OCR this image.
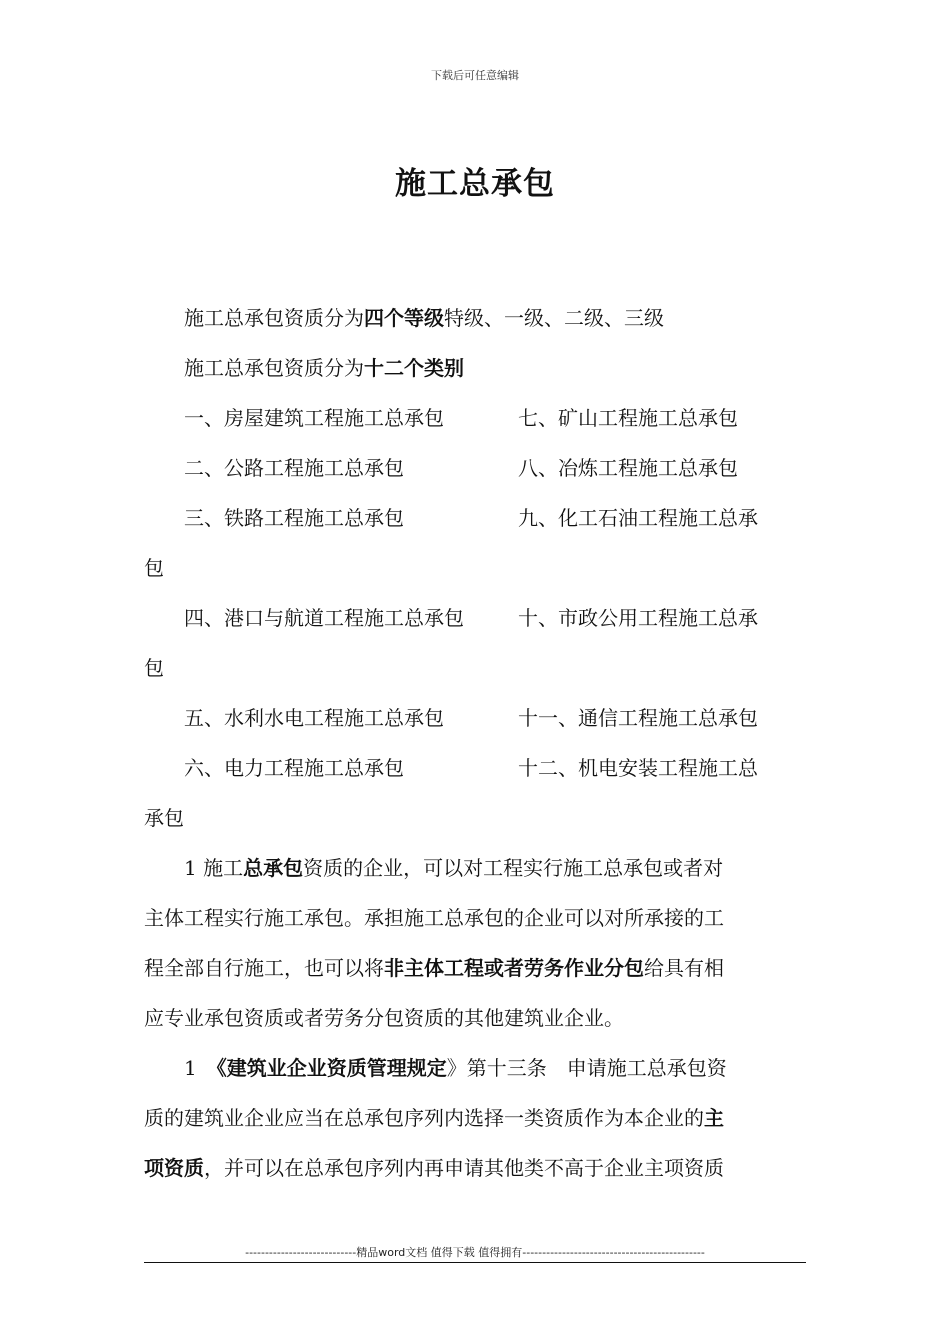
下载后可任意编辑
施工总承包
施工总承包资质分为四个等级特级、一级、二级、三级
施工总承包资质分为十二个类别
一、房屋建筑工程施工总承包	七、矿山工程施工总承包
二、公路工程施工总承包	八、冶炼工程施工总承包
三、铁路工程施工总承包	九、化工石油工程施工总承
包
四、港口与航道工程施工总承包	十、市政公用工程施工总承
包
五、水利水电工程施工总承包	十一、通信工程施工总承包
六、电力工程施工总承包	十二、机电安装工程施工总
承包
1 施工总承包资质的企业，可以对工程实行施工总承包或者对
主体工程实行施工承包。承担施工总承包的企业可以对所承接的工
程全部自行施工，也可以将非主体工程或者劳务作业分包给具有相
应专业承包资质或者劳务分包资质的其他建筑业企业。
1　《建筑业企业资质管理规定》第十三条　申请施工总承包资
质的建筑业企业应当在总承包序列内选择一类资质作为本企业的主
项资质，并可以在总承包序列内再申请其他类不高于企业主项资质
----------------------------精品word文档 值得下载 值得拥有----------------------------------------------
